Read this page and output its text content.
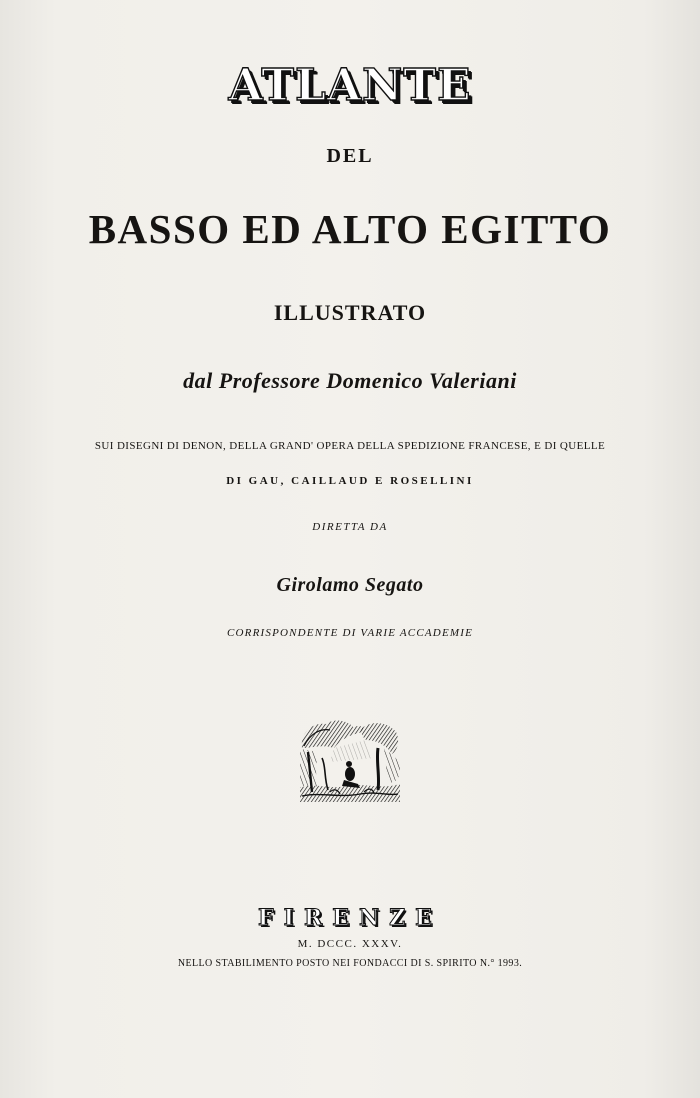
ATLANTE
DEL
BASSO ED ALTO EGITTO
ILLUSTRATO
dal Professore Domenico Valeriani
SUI DISEGNI DI DENON, DELLA GRAND' OPERA DELLA SPEDIZIONE FRANCESE, E DI QUELLE
DI GAU, CAILLAUD E ROSELLINI
DIRETTA DA
Girolamo Segato
CORRISPONDENTE DI VARIE ACCADEMIE
FIRENZE
M. DCCC. XXXV.
NELLO STABILIMENTO POSTO NEI FONDACCI DI S. SPIRITO N.° 1993.
